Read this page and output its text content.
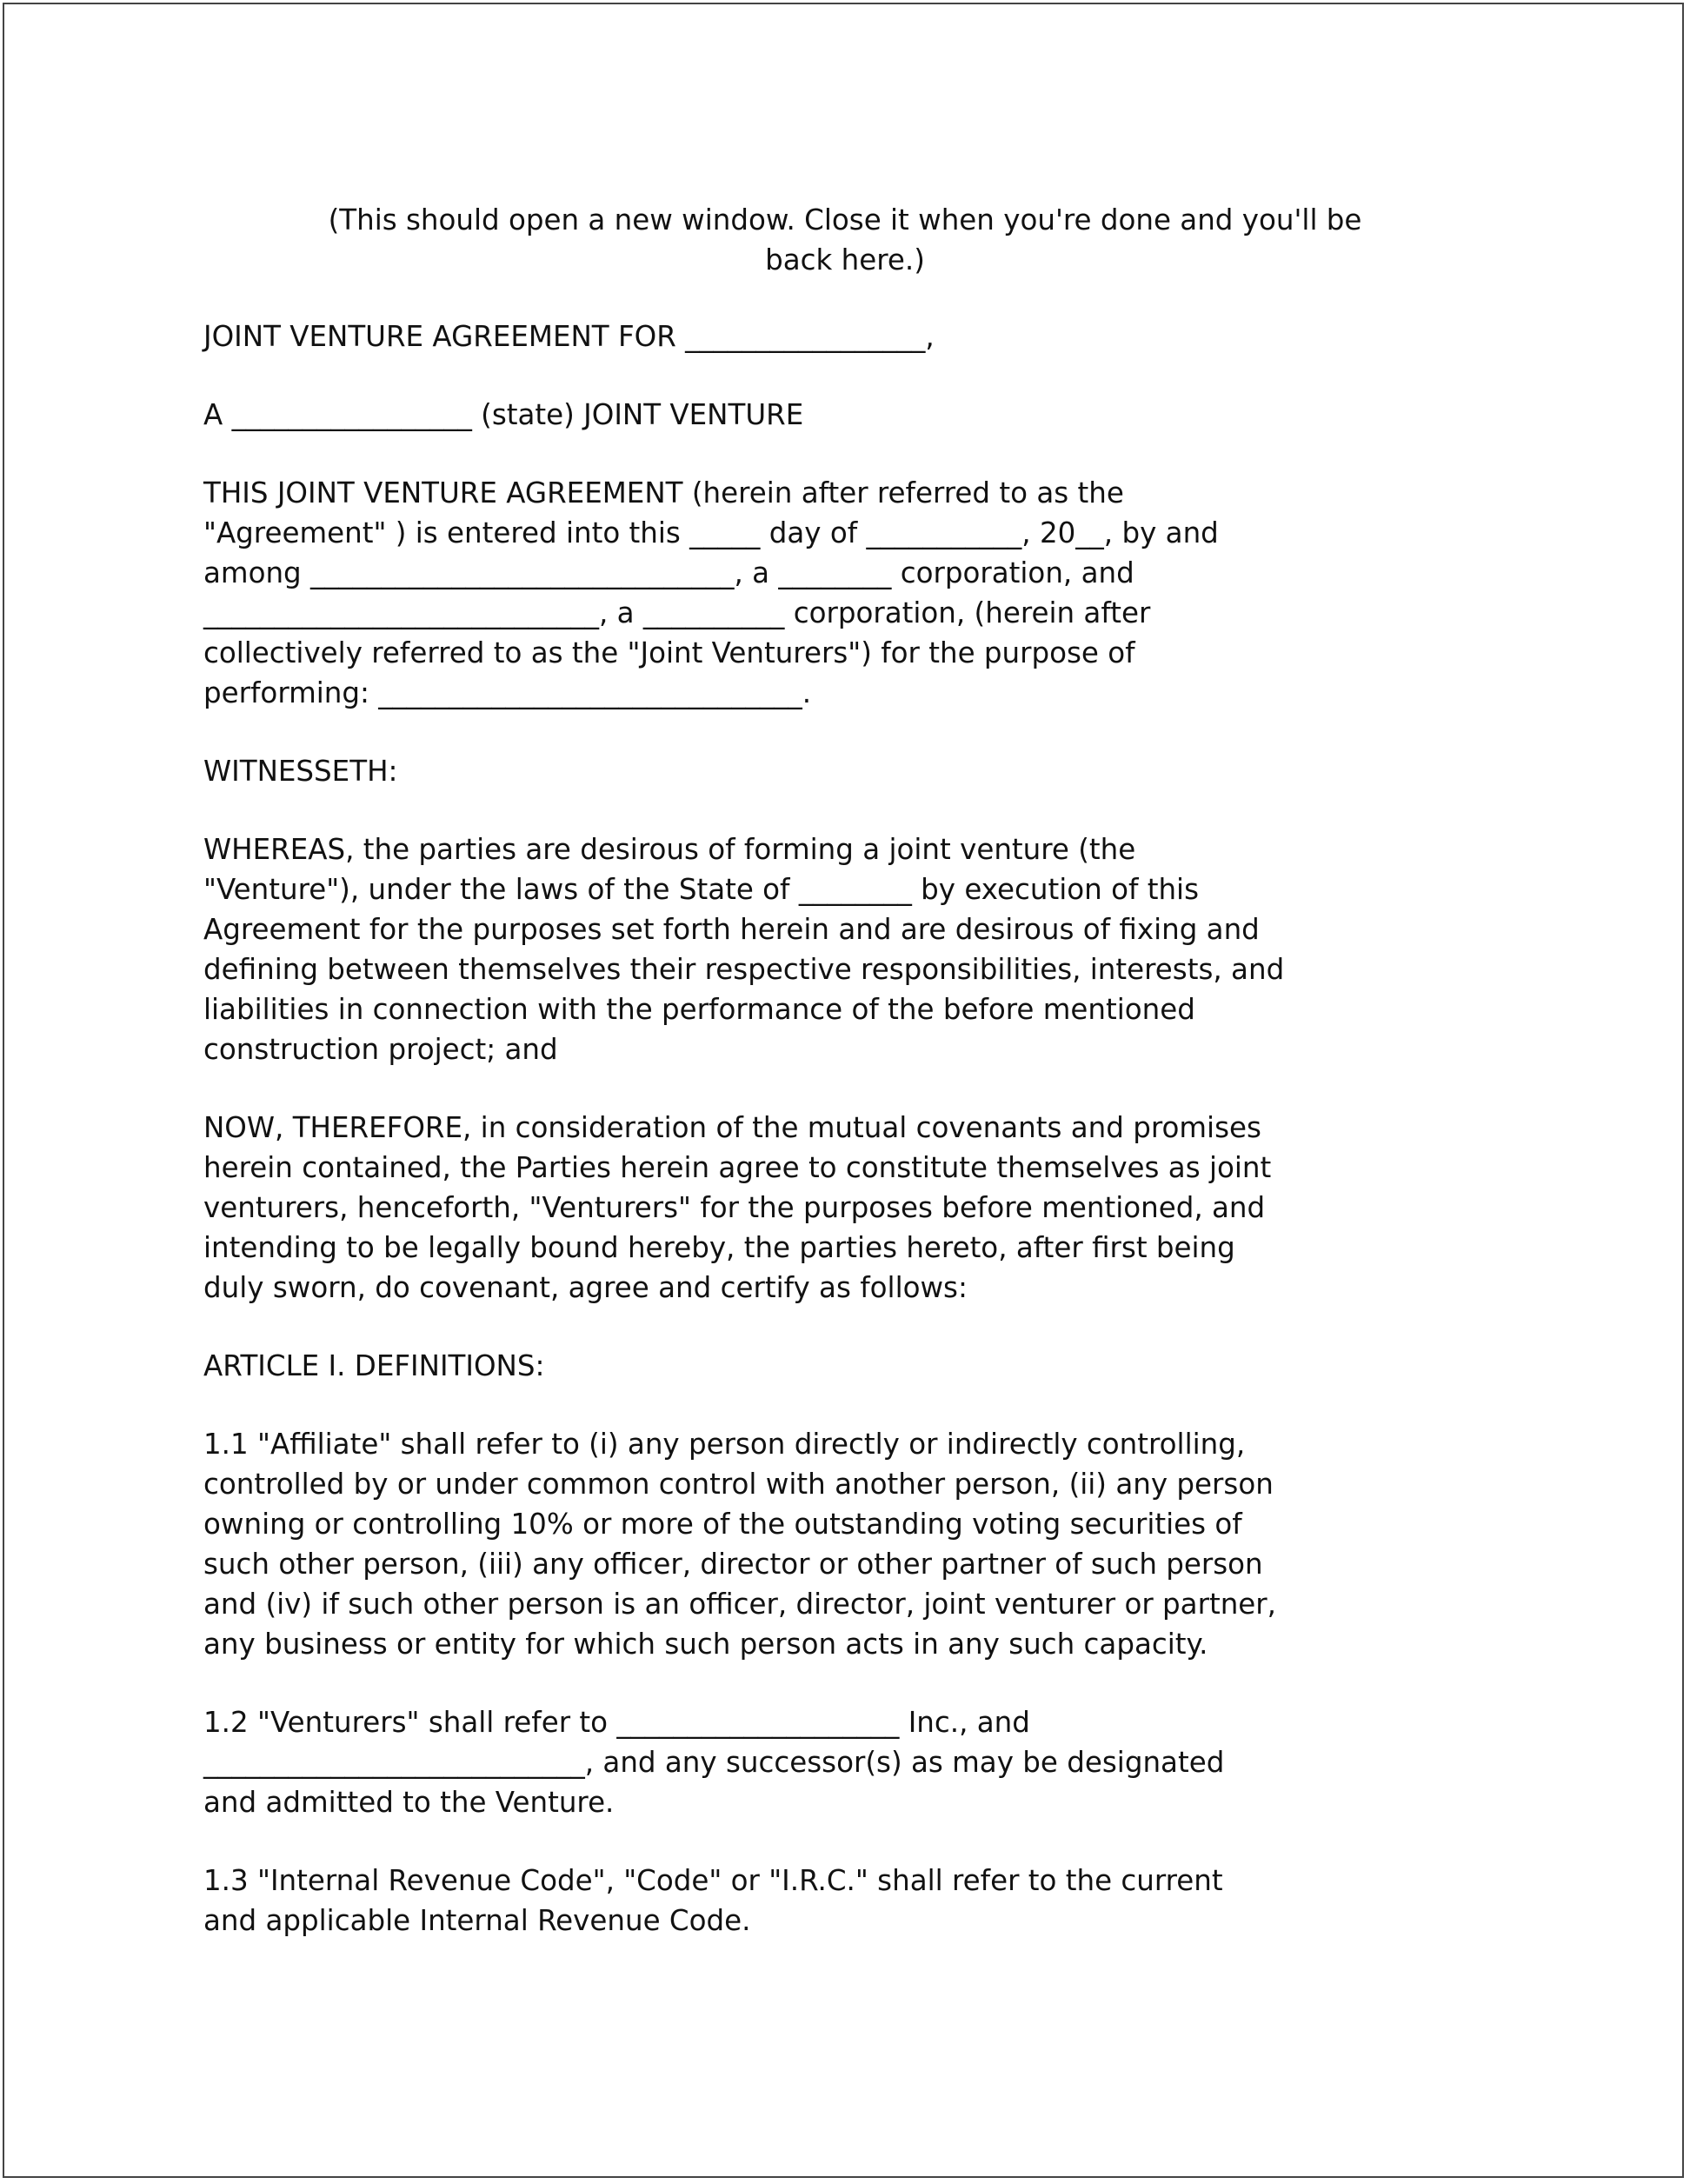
(This should open a new window. Close it when you're done and you'll be
back here.)
JOINT VENTURE AGREEMENT FOR _________________,
A _________________ (state) JOINT VENTURE
THIS JOINT VENTURE AGREEMENT (herein after referred to as the
"Agreement" ) is entered into this _____ day of ___________, 20__, by and
among ______________________________, a ________ corporation, and
____________________________, a __________ corporation, (herein after
collectively referred to as the "Joint Venturers") for the purpose of
performing: ______________________________.
WITNESSETH:
WHEREAS, the parties are desirous of forming a joint venture (the
"Venture"), under the laws of the State of ________ by execution of this
Agreement for the purposes set forth herein and are desirous of fixing and
defining between themselves their respective responsibilities, interests, and
liabilities in connection with the performance of the before mentioned
construction project; and
NOW, THEREFORE, in consideration of the mutual covenants and promises
herein contained, the Parties herein agree to constitute themselves as joint
venturers, henceforth, "Venturers" for the purposes before mentioned, and
intending to be legally bound hereby, the parties hereto, after first being
duly sworn, do covenant, agree and certify as follows:
ARTICLE I. DEFINITIONS:
1.1 "Affiliate" shall refer to (i) any person directly or indirectly controlling,
controlled by or under common control with another person, (ii) any person
owning or controlling 10% or more of the outstanding voting securities of
such other person, (iii) any officer, director or other partner of such person
and (iv) if such other person is an officer, director, joint venturer or partner,
any business or entity for which such person acts in any such capacity.
1.2 "Venturers" shall refer to ____________________ Inc., and
___________________________, and any successor(s) as may be designated
and admitted to the Venture.
1.3 "Internal Revenue Code", "Code" or "I.R.C." shall refer to the current
and applicable Internal Revenue Code.
